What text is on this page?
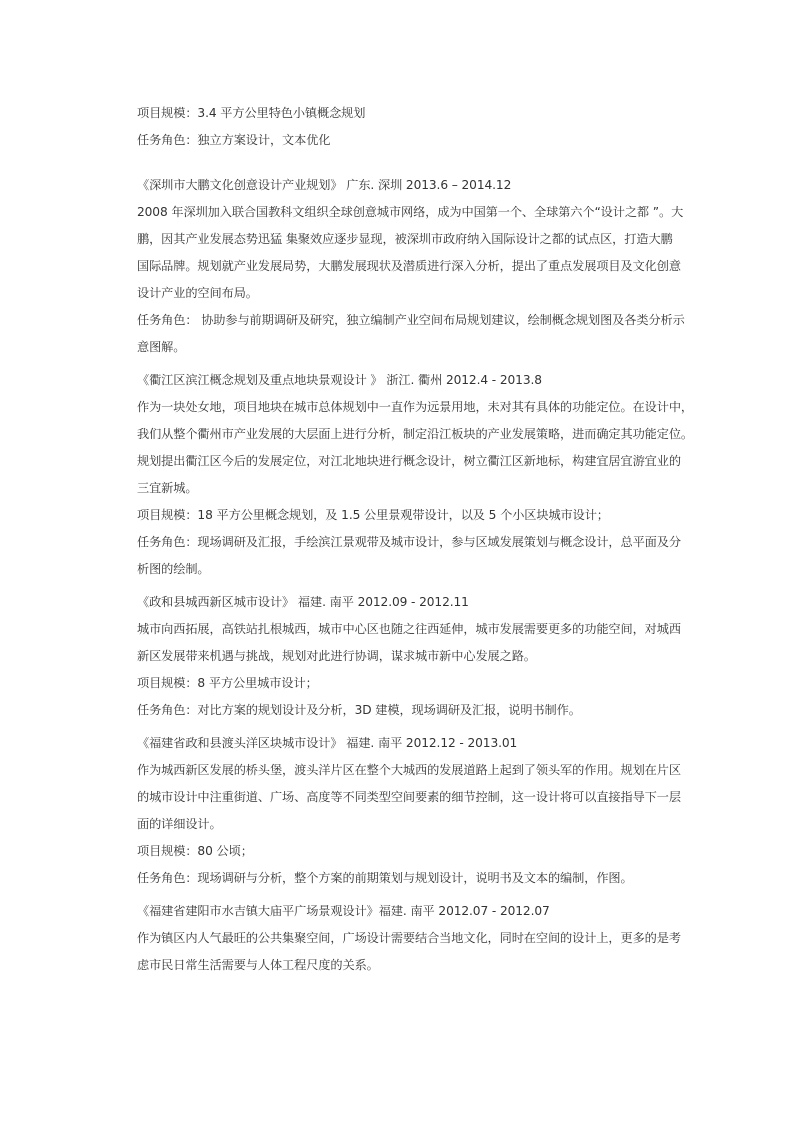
项目规模：3.4 平方公里特色小镇概念规划
任务角色：独立方案设计，文本优化
《深圳市大鹏文化创意设计产业规划》 广东. 深圳 2013.6 – 2014.12
2008 年深圳加入联合国教科文组织全球创意城市网络，成为中国第一个、全球第六个“设计之都 ”。大
鹏，因其产业发展态势迅猛 集聚效应逐步显现，被深圳市政府纳入国际设计之都的试点区，打造大鹏
国际品牌。规划就产业发展局势，大鹏发展现状及潜质进行深入分析，提出了重点发展项目及文化创意
设计产业的空间布局。
任务角色： 协助参与前期调研及研究，独立编制产业空间布局规划建议，绘制概念规划图及各类分析示
意图解。
《衢江区滨江概念规划及重点地块景观设计 》 浙江. 衢州 2012.4 - 2013.8
作为一块处女地，项目地块在城市总体规划中一直作为远景用地，未对其有具体的功能定位。在设计中，
我们从整个衢州市产业发展的大层面上进行分析，制定沿江板块的产业发展策略，进而确定其功能定位。
规划提出衢江区今后的发展定位，对江北地块进行概念设计，树立衢江区新地标，构建宜居宜游宜业的
三宜新城。
项目规模：18 平方公里概念规划，及 1.5 公里景观带设计，以及 5 个小区块城市设计；
任务角色：现场调研及汇报，手绘滨江景观带及城市设计，参与区域发展策划与概念设计，总平面及分
析图的绘制。
《政和县城西新区城市设计》 福建. 南平 2012.09 - 2012.11
城市向西拓展，高铁站扎根城西，城市中心区也随之往西延伸，城市发展需要更多的功能空间，对城西
新区发展带来机遇与挑战，规划对此进行协调，谋求城市新中心发展之路。
项目规模：8 平方公里城市设计；
任务角色：对比方案的规划设计及分析，3D 建模，现场调研及汇报，说明书制作。
《福建省政和县渡头洋区块城市设计》 福建. 南平 2012.12 - 2013.01
作为城西新区发展的桥头堡，渡头洋片区在整个大城西的发展道路上起到了领头军的作用。规划在片区
的城市设计中注重街道、广场、高度等不同类型空间要素的细节控制，这一设计将可以直接指导下一层
面的详细设计。
项目规模：80 公顷；
任务角色：现场调研与分析，整个方案的前期策划与规划设计，说明书及文本的编制，作图。
《福建省建阳市水吉镇大庙平广场景观设计》福建. 南平 2012.07 - 2012.07
作为镇区内人气最旺的公共集聚空间，广场设计需要结合当地文化，同时在空间的设计上，更多的是考
虑市民日常生活需要与人体工程尺度的关系。
